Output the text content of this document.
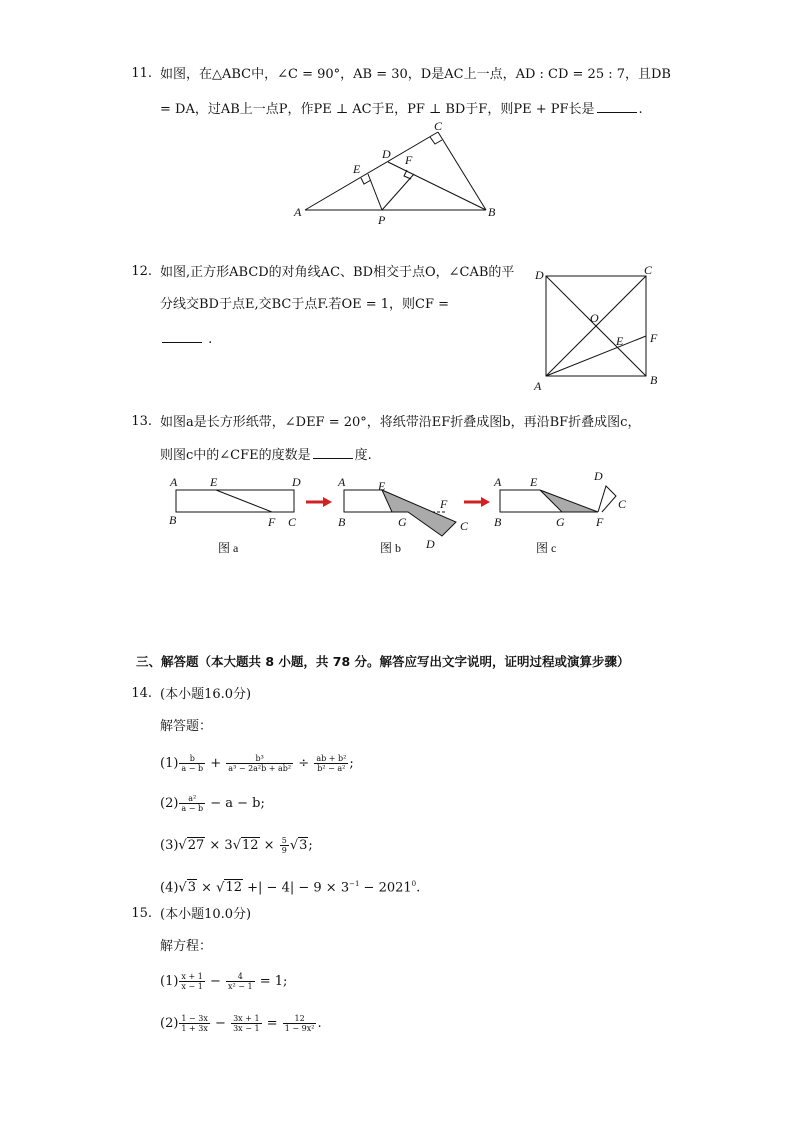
11. 如图，在△ABC中，∠C = 90°，AB = 30，D是AC上一点，AD : CD = 25 : 7，且DB
= DA，过AB上一点P，作PE ⊥ AC于E，PF ⊥ BD于F，则PE + PF长是	.
A	B
C
D
E
F
P
12. 如图,正方形ABCD的对角线AC、BD相交于点O，∠CAB的平
分线交BD于点E,交BC于点F.若OE = 1，则CF =
.
A	B
C
D
O
E F
13. 如图a是长方形纸带，∠DEF = 20°，将纸带沿EF折叠成图b，再沿BF折叠成图c，
则图c中的∠CFE的度数是	度.
A	E	D
B	F C
图 a
A	E
F
B	G	C
D
图 b
A E	D
C
B	G	F
图 c
三、解答题（本大题共 8 小题，共 78 分。解答应写出文字说明，证明过程或演算步骤）
14. (本小题16.0分)
解答题：
$(1) \frac{b}{a - b} + \frac{\text{b³}}{\text{a³ − 2a²b + ab²}} \div \frac{\text{ab + b²}}{\text{b² − a²}}$ ;
$(2) \frac{\text{a²}}{a - b} - a - b$;
$(3)√27 \times 3√12 \times \frac{5}{9} √3$;
(4)√3 × √12 +| − $4| - 9 \times 3^{-1} - 2021^0$.
15. (本小题10.0分)
解方程：
$(1) \frac{x + 1}{x - 1} - \frac{4}{\text{x² − 1}} = 1$;
$(2) \frac{1 - 3x}{1 + 3x} - \frac{3x + 1}{3x - 1} = \frac{12}{\text{1 − 9x²}}$ .
